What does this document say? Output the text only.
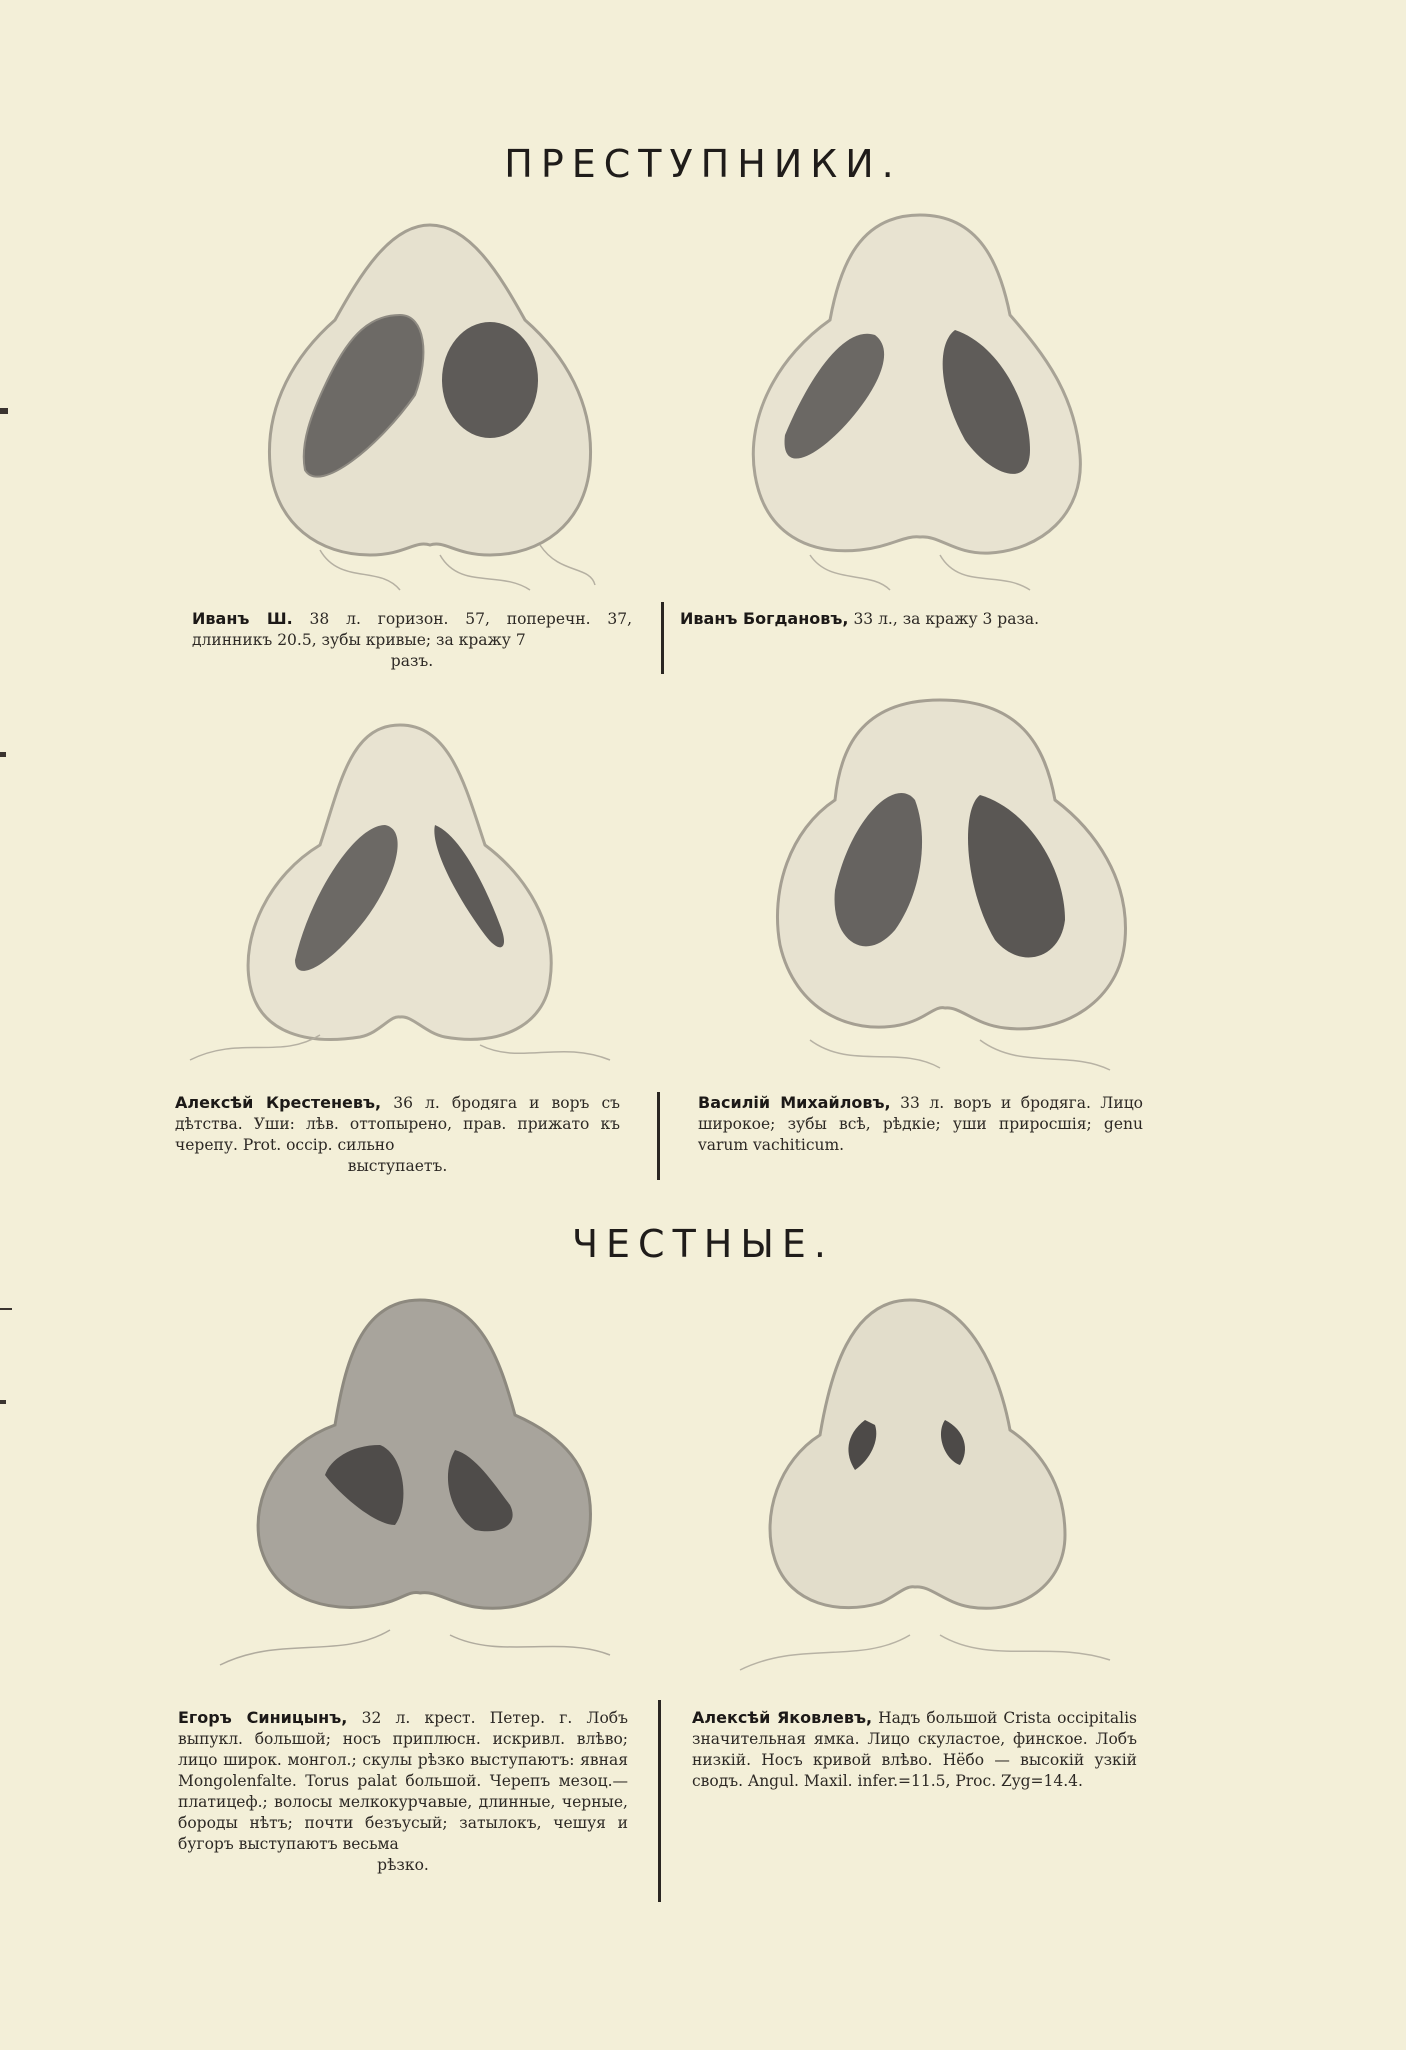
ПРЕСТУПНИКИ.
Иванъ Ш. 38 л. горизон. 57, поперечн. 37, длинникъ 20.5, зубы кривые; за кражу 7
разъ.
Иванъ Богдановъ, 33 л., за кражу 3 раза.
Алексѣй Крестеневъ, 36 л. бродяга и воръ съ дѣтства. Уши: лѣв. оттопырено, прав. прижато къ черепу. Prot. occip. сильно
выступаетъ.
Василій Михайловъ, 33 л. воръ и бродяга. Лицо широкое; зубы всѣ, рѣдкіе; уши приросшія; genu varum vachiticum.
ЧЕСТНЫЕ.
Егоръ Синицынъ, 32 л. крест. Петер. г. Лобъ выпукл. большой; носъ приплюсн. искривл. влѣво; лицо широк. монгол.; скулы рѣзко выступаютъ: явная Mongolenfalte. Torus palat большой. Черепъ мезоц.—платицеф.; волосы мелкокурчавые, длинные, черные, бороды нѣтъ; почти безъусый; затылокъ, чешуя и бугоръ выступаютъ весьма
рѣзко.
Алексѣй Яковлевъ, Надъ большой Crista occipitalis значительная ямка. Лицо скуластое, финское. Лобъ низкій. Носъ кривой влѣво. Нёбо — высокій узкій сводъ. Angul. Maxil. infer.=11.5, Proc. Zyg=14.4.
